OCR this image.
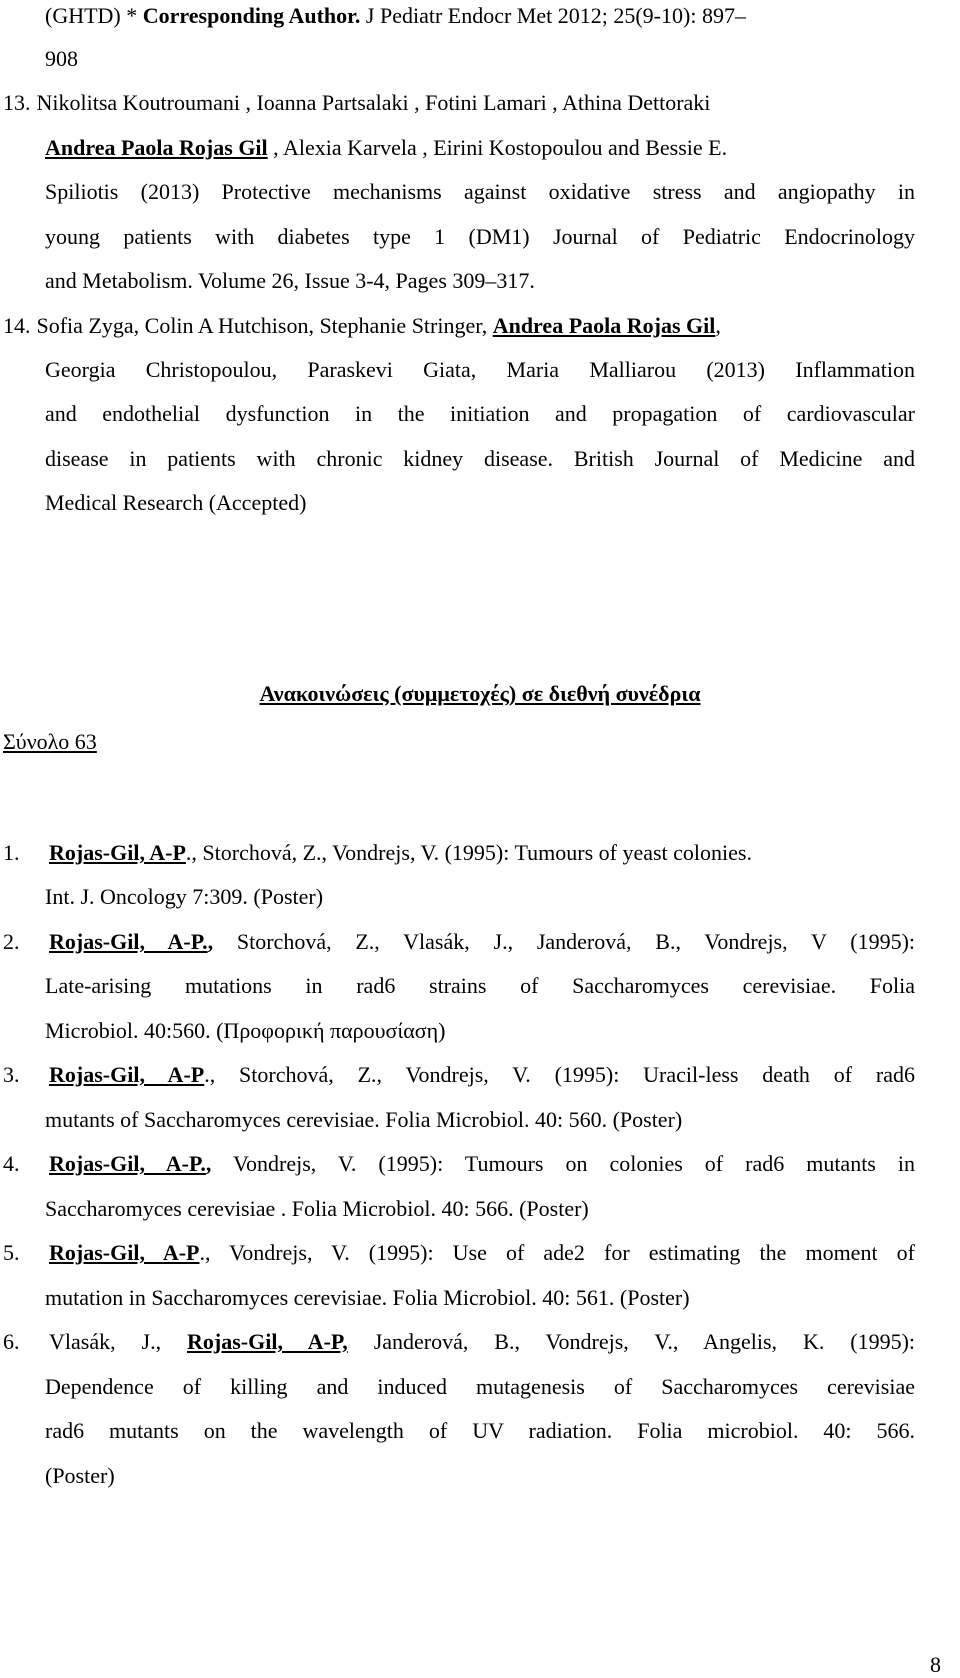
(GHTD) * Corresponding Author. J Pediatr Endocr Met 2012; 25(9-10): 897–
908
13. Nikolitsa Koutroumani , Ioanna Partsalaki , Fotini Lamari , Athina Dettoraki
Andrea Paola Rojas Gil , Alexia Karvela , Eirini Kostopoulou and Bessie E.
Spiliotis (2013) Protective mechanisms against oxidative stress and angiopathy in
young patients with diabetes type 1 (DM1) Journal of Pediatric Endocrinology
and Metabolism. Volume 26, Issue 3-4, Pages 309–317.
14. Sofia Zyga, Colin A Hutchison, Stephanie Stringer, Andrea Paola Rojas Gil,
Georgia Christopoulou, Paraskevi Giata, Maria Malliarou (2013) Inflammation
and endothelial dysfunction in the initiation and propagation of cardiovascular
disease in patients with chronic kidney disease. British Journal of Medicine and
Medical Research (Accepted)
Ανακοινώσεις (συμμετοχές) σε διεθνή συνέδρια
Σύνολο 63
1. Rojas-Gil, A-P., Storchová, Z., Vondrejs, V. (1995): Tumours of yeast colonies.
Int. J. Oncology 7:309. (Poster)
2. Rojas-Gil, A-P., Storchová, Z., Vlasák, J., Janderová, B., Vondrejs, V (1995):
Late-arising mutations in rad6 strains of Saccharomyces cerevisiae. Folia
Microbiol. 40:560. (Προφορική παρουσίαση)
3. Rojas-Gil, A-P., Storchová, Z., Vondrejs, V. (1995): Uracil-less death of rad6
mutants of Saccharomyces cerevisiae. Folia Microbiol. 40: 560. (Poster)
4. Rojas-Gil, A-P., Vondrejs, V. (1995): Tumours on colonies of rad6 mutants in
Saccharomyces cerevisiae . Folia Microbiol. 40: 566. (Poster)
5. Rojas-Gil, A-P., Vondrejs, V. (1995): Use of ade2 for estimating the moment of
mutation in Saccharomyces cerevisiae. Folia Microbiol. 40: 561. (Poster)
6. Vlasák, J., Rojas-Gil, A-P, Janderová, B., Vondrejs, V., Angelis, K. (1995):
Dependence of killing and induced mutagenesis of Saccharomyces cerevisiae
rad6 mutants on the wavelength of UV radiation. Folia microbiol. 40: 566.
(Poster)
8
